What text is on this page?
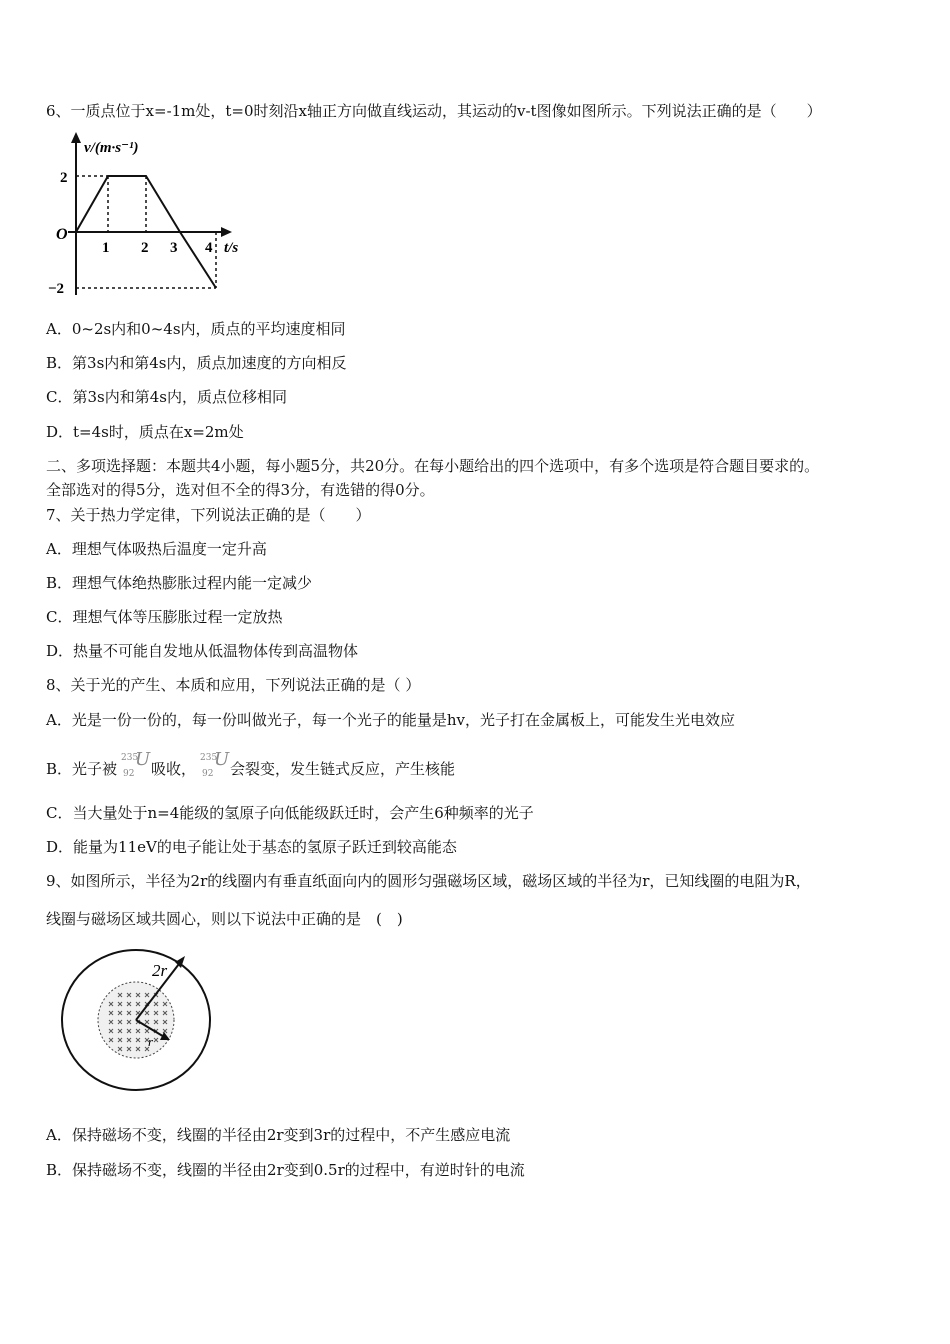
6、一质点位于x=-1m处，t=0时刻沿x轴正方向做直线运动，其运动的v-t图像如图所示。下列说法正确的是（　　）
v/(m·s⁻¹)
t/s
O
2
−2
1 2 3 4
A．0~2s内和0~4s内，质点的平均速度相同
B．第3s内和第4s内，质点加速度的方向相反
C．第3s内和第4s内，质点位移相同
D．t=4s时，质点在x=2m处
二、多项选择题：本题共4小题，每小题5分，共20分。在每小题给出的四个选项中，有多个选项是符合题目要求的。
全部选对的得5分，选对但不全的得3分，有选错的得0分。
7、关于热力学定律，下列说法正确的是（　　）
A．理想气体吸热后温度一定升高
B．理想气体绝热膨胀过程内能一定减少
C．理想气体等压膨胀过程一定放热
D．热量不可能自发地从低温物体传到高温物体
8、关于光的产生、本质和应用，下列说法正确的是（ ）
A．光是一份一份的，每一份叫做光子，每一个光子的能量是hv，光子打在金属板上，可能发生光电效应
B．光子被
235
92
U 吸收，
235
92
U 会裂变，发生链式反应，产生核能
C．当大量处于n=4能级的氢原子向低能级跃迁时，会产生6种频率的光子
D．能量为11eV的电子能让处于基态的氢原子跃迁到较高能态
9、如图所示，半径为2r的线圈内有垂直纸面向内的圆形匀强磁场区域，磁场区域的半径为r，已知线圈的电阻为R，
线圈与磁场区域共圆心，则以下说法中正确的是　(　)
2r
r
A．保持磁场不变，线圈的半径由2r变到3r的过程中，不产生感应电流
B．保持磁场不变，线圈的半径由2r变到0.5r的过程中，有逆时针的电流
